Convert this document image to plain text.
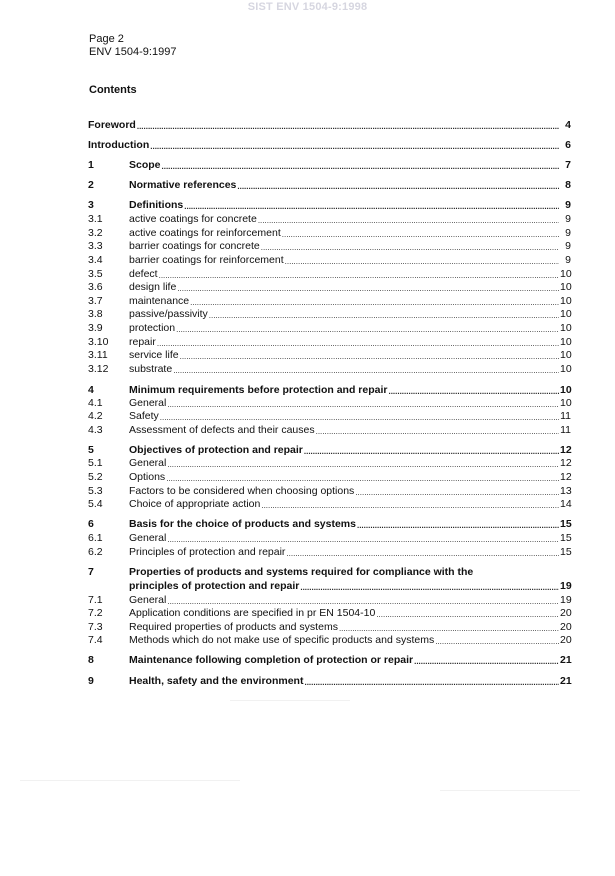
SIST ENV 1504-9:1998
Page 2
ENV 1504-9:1997
Contents
Foreword .....	4
Introduction .....	6
1	Scope .....	7
2	Normative references .....	8
3	Definitions .....	9
3.1	active coatings for concrete .....	9
3.2	active coatings for reinforcement .....	9
3.3	barrier coatings for concrete .....	9
3.4	barrier coatings for reinforcement .....	9
3.5	defect .....	10
3.6	design life .....	10
3.7	maintenance .....	10
3.8	passive/passivity .....	10
3.9	protection .....	10
3.10	repair .....	10
3.11	service life .....	10
3.12	substrate .....	10
4	Minimum requirements before protection and repair .....	10
4.1	General .....	10
4.2	Safety .....	11
4.3	Assessment of defects and their causes .....	11
5	Objectives of protection and repair .....	12
5.1	General .....	12
5.2	Options .....	12
5.3	Factors to be considered when choosing options .....	13
5.4	Choice of appropriate action .....	14
6	Basis for the choice of products and systems .....	15
6.1	General .....	15
6.2	Principles of protection and repair .....	15
7	Properties of products and systems required for compliance with the
principles of protection and repair .....	19
7.1	General .....	19
7.2	Application conditions are specified in pr EN 1504-10 .....	20
7.3	Required properties of products and systems .....	20
7.4	Methods which do not make use of specific products and systems .....	20
8	Maintenance following completion of protection or repair .....	21
9	Health, safety and the environment .....	21
